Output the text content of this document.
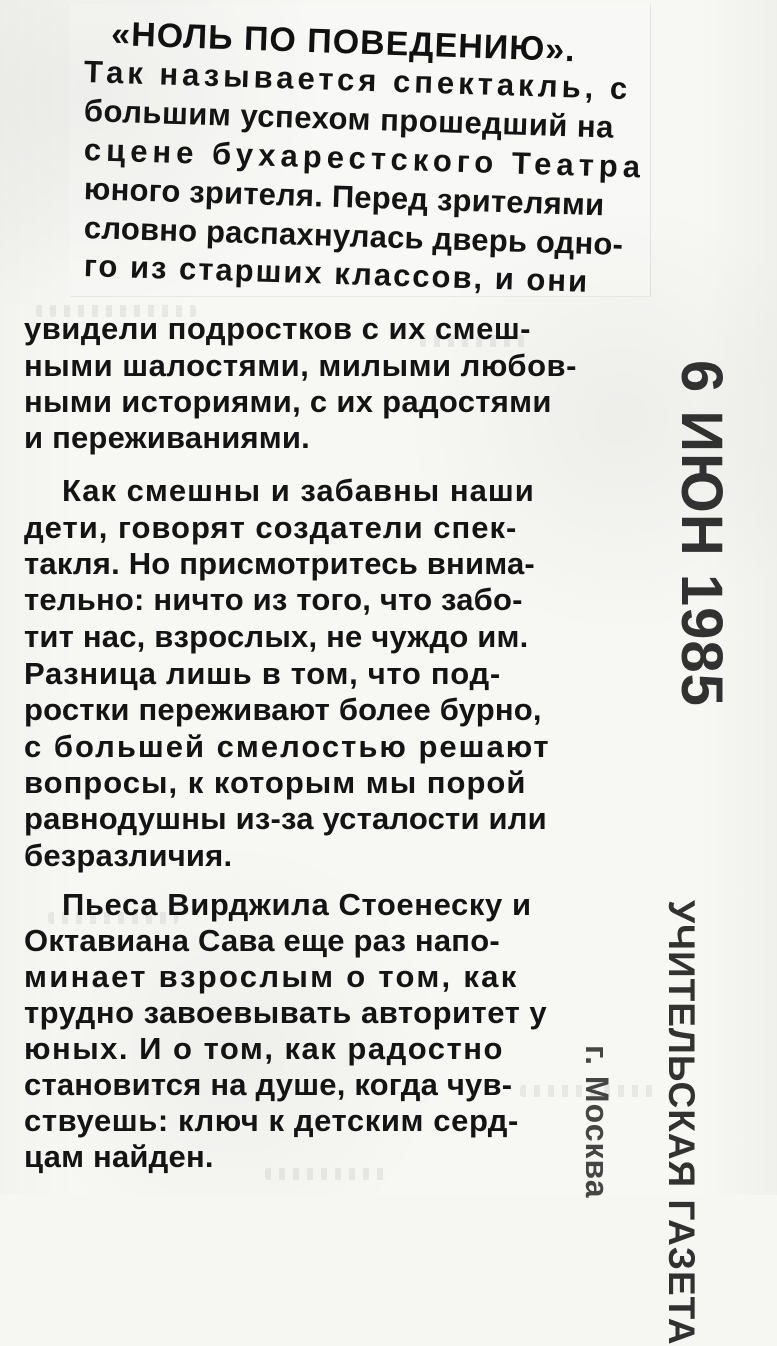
«НОЛЬ ПО ПОВЕДЕНИЮ».
Так называется спектакль, с
большим успехом прошедший на
сцене бухарестского Театра
юного зрителя. Перед зрителями
словно распахнулась дверь одно-
го из старших классов, и они
увидели подростков с их смеш-
ными шалостями, милыми любов-
ными историями, с их радостями
и переживаниями.
Как смешны и забавны наши
дети, говорят создатели спек-
такля. Но присмотритесь внима-
тельно: ничто из того, что забо-
тит нас, взрослых, не чуждо им.
Разница лишь в том, что под-
ростки переживают более бурно,
с большей смелостью решают
вопросы, к которым мы порой
равнодушны из-за усталости или
безразличия.
Пьеса Вирджила Стоенеску и
Октавиана Сава еще раз напо-
минает взрослым о том, как
трудно завоевывать авторитет у
юных. И о том, как радостно
становится на душе, когда чув-
ствуешь: ключ к детским серд-
цам найден.
6 ИЮН 1985
УЧИТЕЛЬСКАЯ ГАЗЕТА
г. Москва
